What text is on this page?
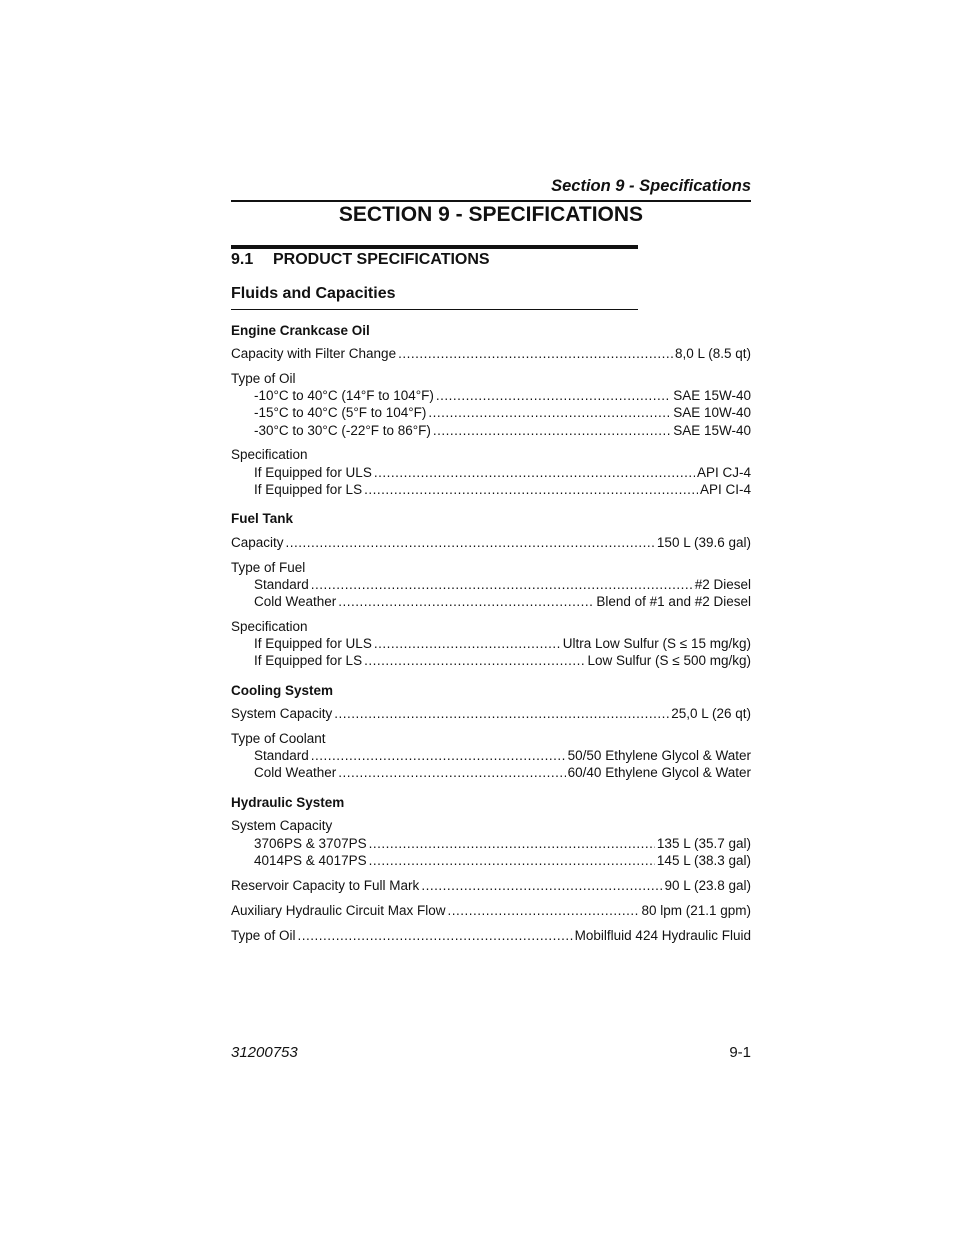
Section 9 - Specifications
SECTION 9 - SPECIFICATIONS
9.1 PRODUCT SPECIFICATIONS
Fluids and Capacities
Engine Crankcase Oil
Capacity with Filter Change .....	8,0 L (8.5 qt)
Type of Oil
-10°C to 40°C (14°F to 104°F) .....	SAE 15W-40
-15°C to 40°C (5°F to 104°F) .....	SAE 10W-40
-30°C to 30°C (-22°F to 86°F) .....	SAE 15W-40
Specification
If Equipped for ULS .....	API CJ-4
If Equipped for LS .....	API CI-4
Fuel Tank
Capacity .....	150 L (39.6 gal)
Type of Fuel
Standard .....	#2 Diesel
Cold Weather .....	Blend of #1 and #2 Diesel
Specification
If Equipped for ULS .....	Ultra Low Sulfur (S ≤ 15 mg/kg)
If Equipped for LS .....	Low Sulfur (S ≤ 500 mg/kg)
Cooling System
System Capacity .....	25,0 L (26 qt)
Type of Coolant
Standard .....	50/50 Ethylene Glycol & Water
Cold Weather .....	60/40 Ethylene Glycol & Water
Hydraulic System
System Capacity
3706PS & 3707PS .....	135 L (35.7 gal)
4014PS & 4017PS .....	145 L (38.3 gal)
Reservoir Capacity to Full Mark .....	90 L (23.8 gal)
Auxiliary Hydraulic Circuit Max Flow .....	80 lpm (21.1 gpm)
Type of Oil .....	Mobilfluid 424 Hydraulic Fluid
31200753	9-1
